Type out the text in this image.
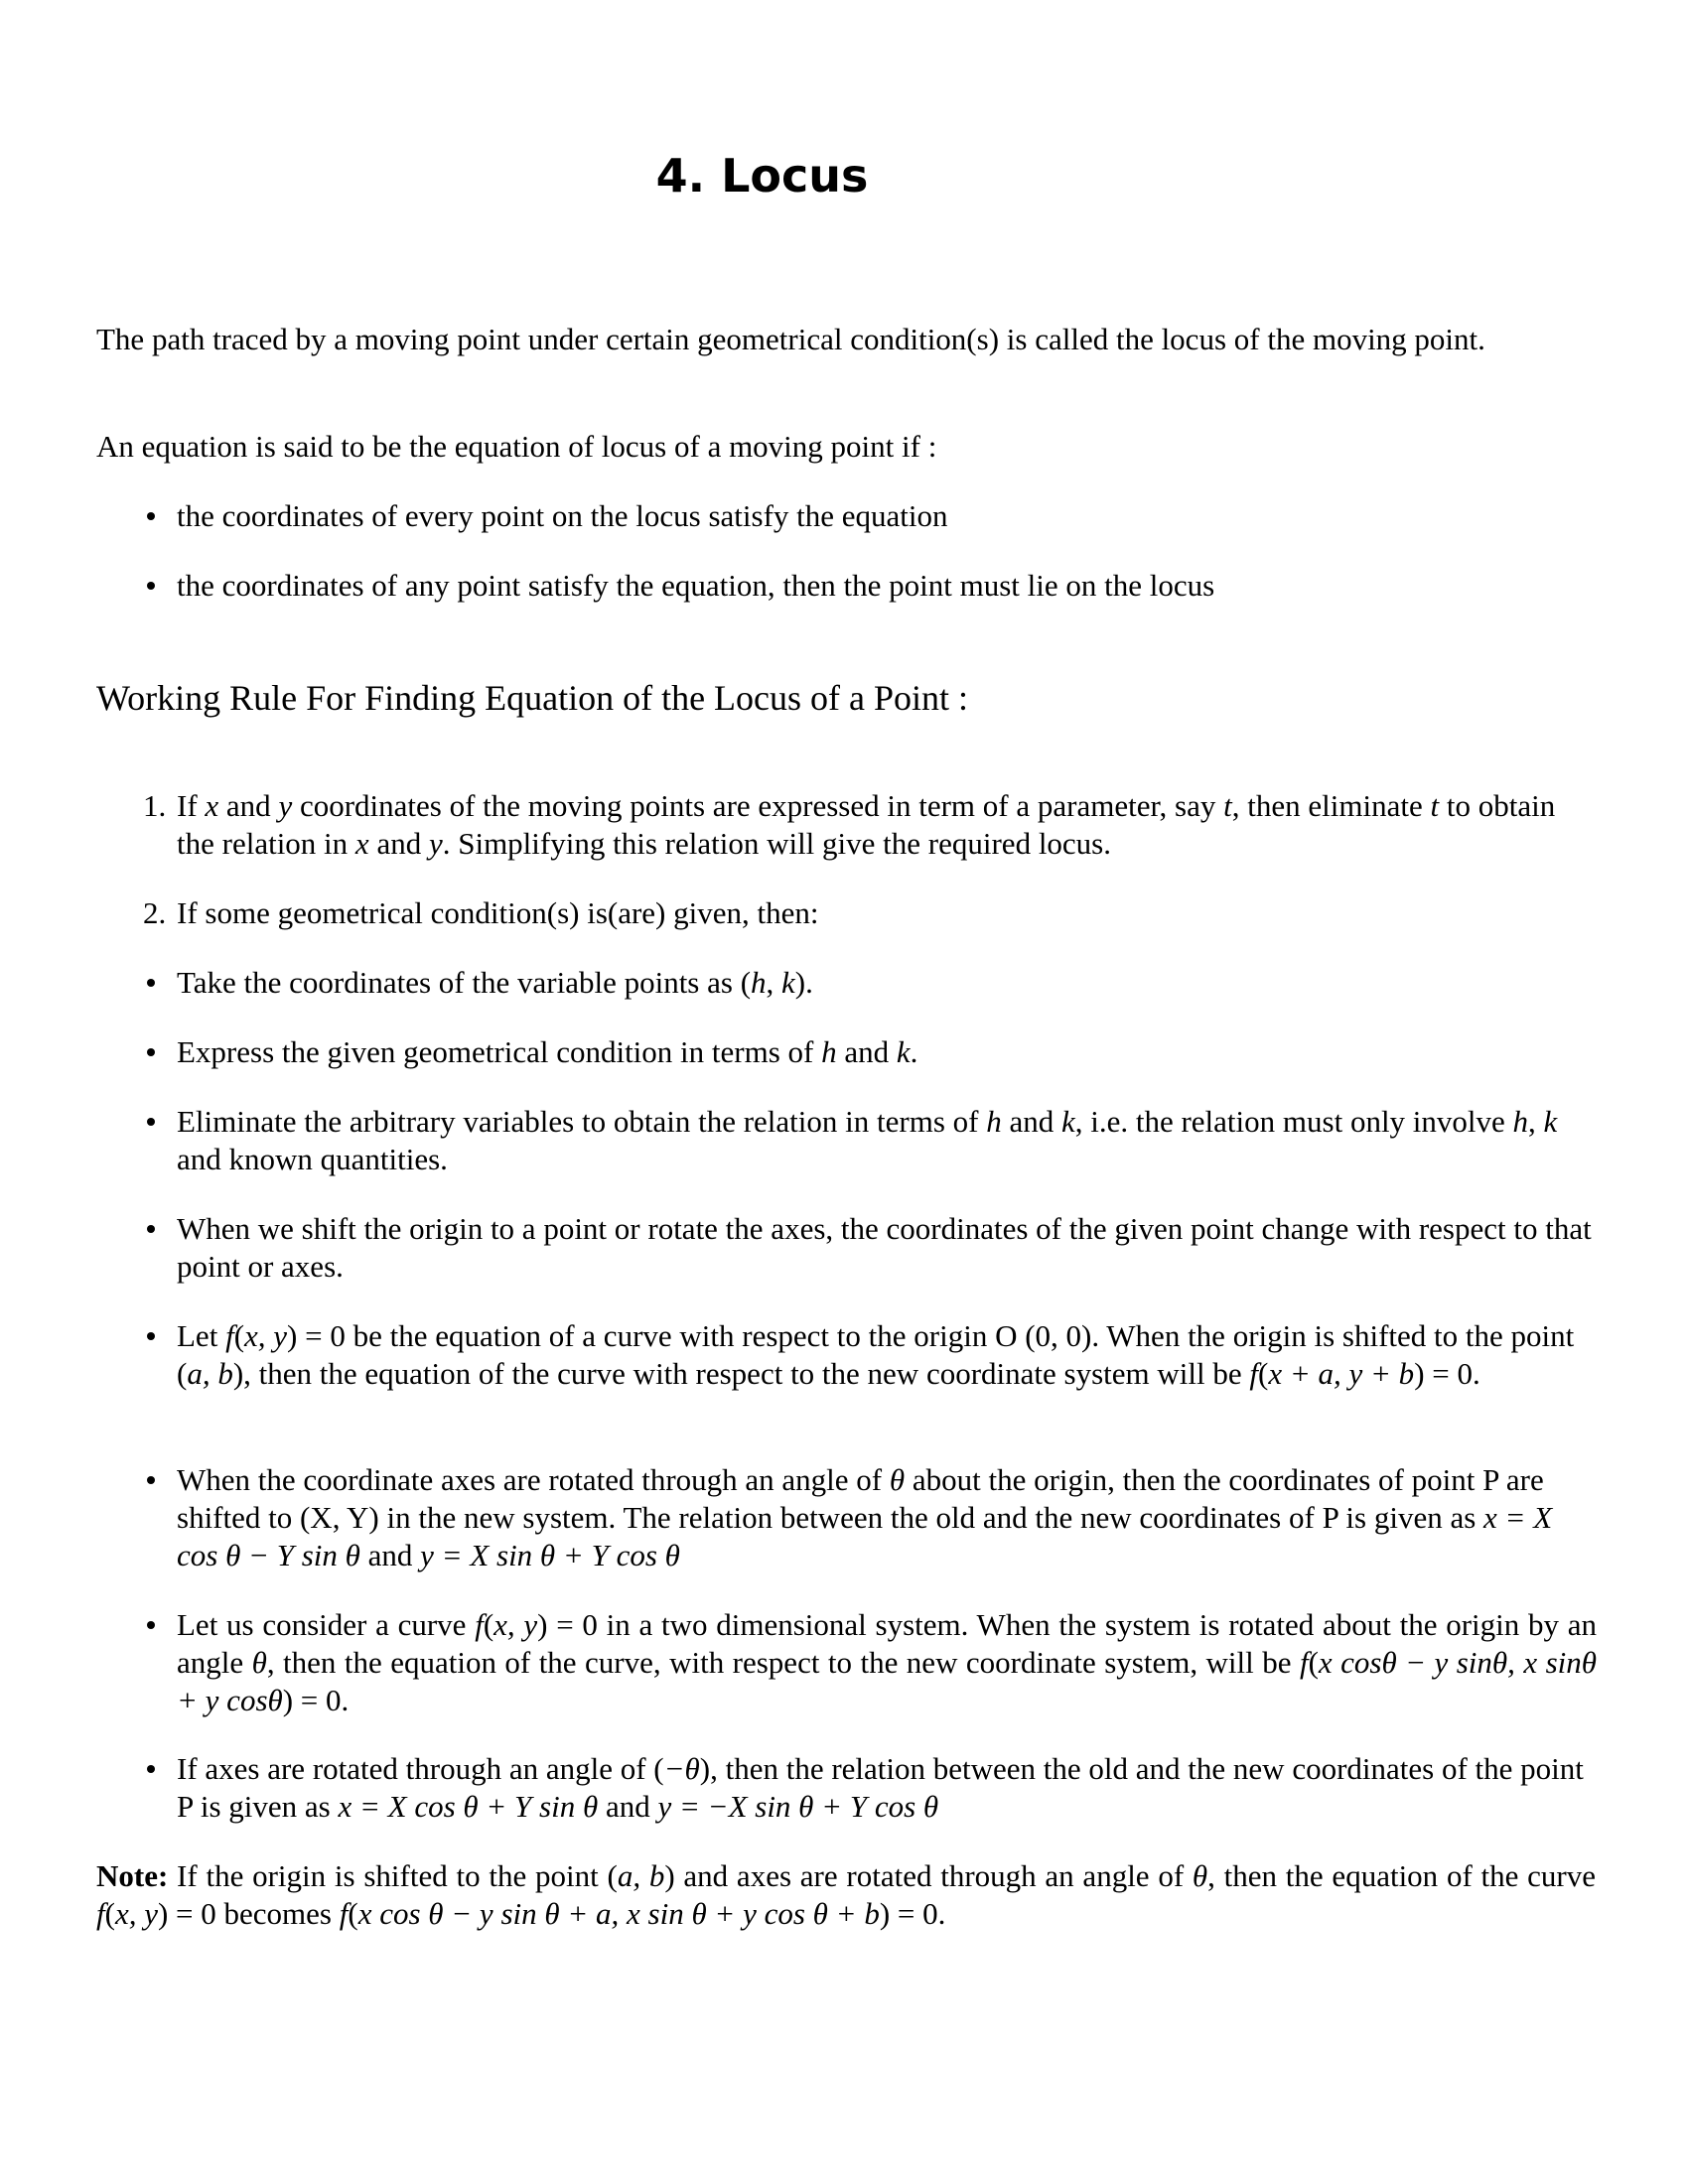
4. Locus

The path traced by a moving point under certain geometrical condition(s) is called the locus of the moving point.

An equation is said to be the equation of locus of a moving point if :

the coordinates of every point on the locus satisfy the equation

the coordinates of any point satisfy the equation, then the point must lie on the locus

Working Rule For Finding Equation of the Locus of a Point :

1. If x and y coordinates of the moving points are expressed in term of a parameter, say t, then eliminate t to obtain the relation in x and y. Simplifying this relation will give the required locus.

2. If some geometrical condition(s) is(are) given, then:

Take the coordinates of the variable points as (h, k).

Express the given geometrical condition in terms of h and k.

Eliminate the arbitrary variables to obtain the relation in terms of h and k, i.e. the relation must only involve h, k and known quantities.

When we shift the origin to a point or rotate the axes, the coordinates of the given point change with respect to that point or axes.

Let f(x, y) = 0 be the equation of a curve with respect to the origin O (0, 0). When the origin is shifted to the point (a, b), then the equation of the curve with respect to the new coordinate system will be f(x + a, y + b) = 0.

When the coordinate axes are rotated through an angle of θ about the origin, then the coordinates of point P are shifted to (X, Y) in the new system. The relation between the old and the new coordinates of P is given as x = X cos θ − Y sin θ and y = X sin θ + Y cos θ

Let us consider a curve f(x, y) = 0 in a two dimensional system. When the system is rotated about the origin by an angle θ, then the equation of the curve, with respect to the new coordinate system, will be f(x cosθ − y sinθ, x sinθ + y cosθ) = 0.

If axes are rotated through an angle of (−θ), then the relation between the old and the new coordinates of the point P is given as x = X cos θ + Y sin θ and y = −X sin θ + Y cos θ

Note: If the origin is shifted to the point (a, b) and axes are rotated through an angle of θ, then the equation of the curve f(x, y) = 0 becomes f(x cos θ − y sin θ + a, x sin θ + y cos θ + b) = 0.
